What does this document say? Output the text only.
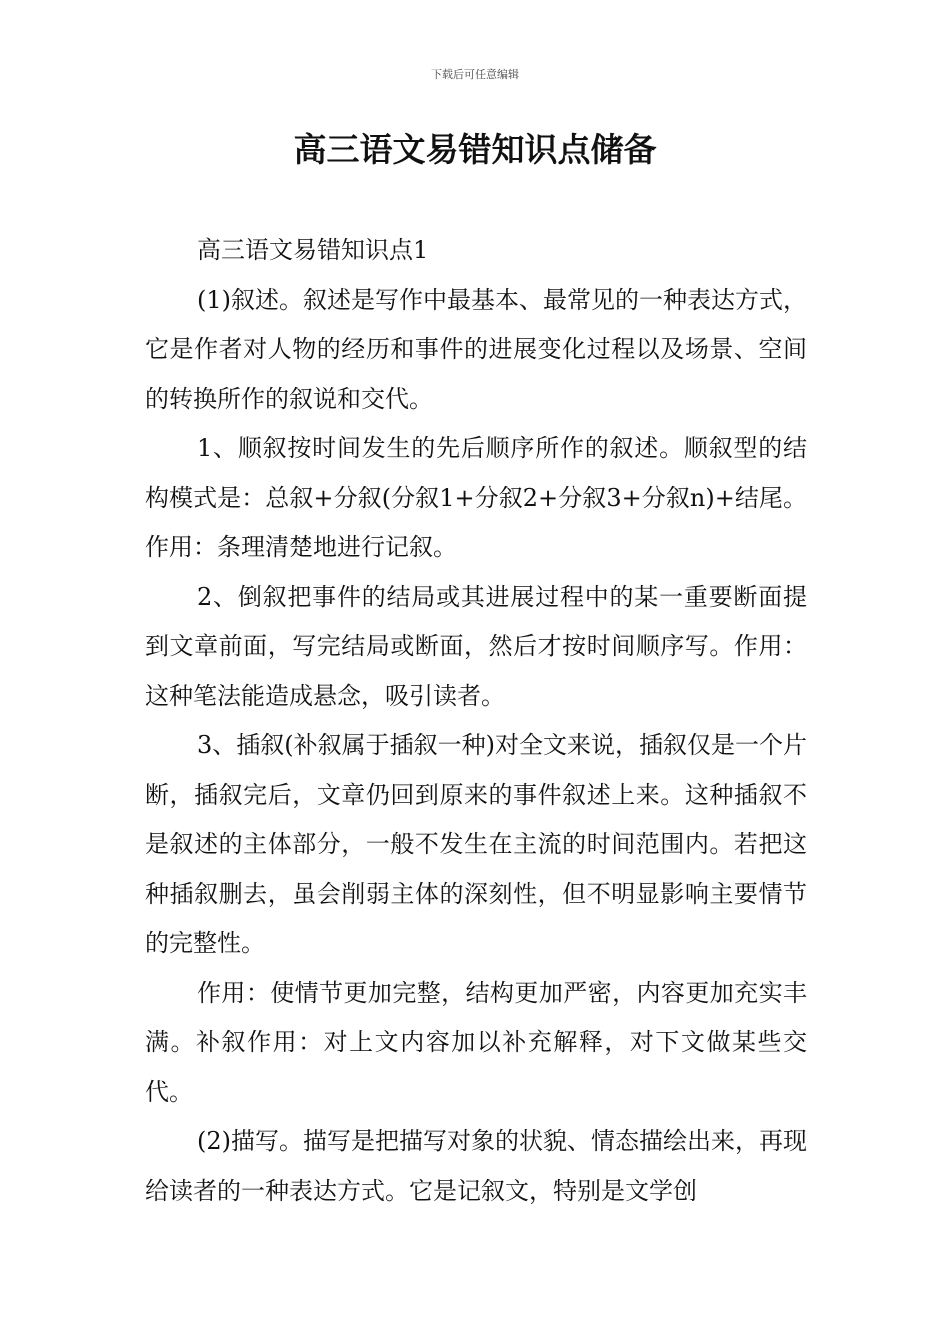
下载后可任意编辑
高三语文易错知识点储备

高三语文易错知识点1

(1)叙述。叙述是写作中最基本、最常见的一种表达方式，它是作者对人物的经历和事件的进展变化过程以及场景、空间的转换所作的叙说和交代。

1、顺叙按时间发生的先后顺序所作的叙述。顺叙型的结构模式是：总叙+分叙(分叙1+分叙2+分叙3+分叙n)+结尾。作用：条理清楚地进行记叙。

2、倒叙把事件的结局或其进展过程中的某一重要断面提到文章前面，写完结局或断面，然后才按时间顺序写。作用：这种笔法能造成悬念，吸引读者。

3、插叙(补叙属于插叙一种)对全文来说，插叙仅是一个片断，插叙完后，文章仍回到原来的事件叙述上来。这种插叙不是叙述的主体部分，一般不发生在主流的时间范围内。若把这种插叙删去，虽会削弱主体的深刻性，但不明显影响主要情节的完整性。

作用：使情节更加完整，结构更加严密，内容更加充实丰满。补叙作用：对上文内容加以补充解释，对下文做某些交代。

(2)描写。描写是把描写对象的状貌、情态描绘出来，再现给读者的一种表达方式。它是记叙文，特别是文学创
